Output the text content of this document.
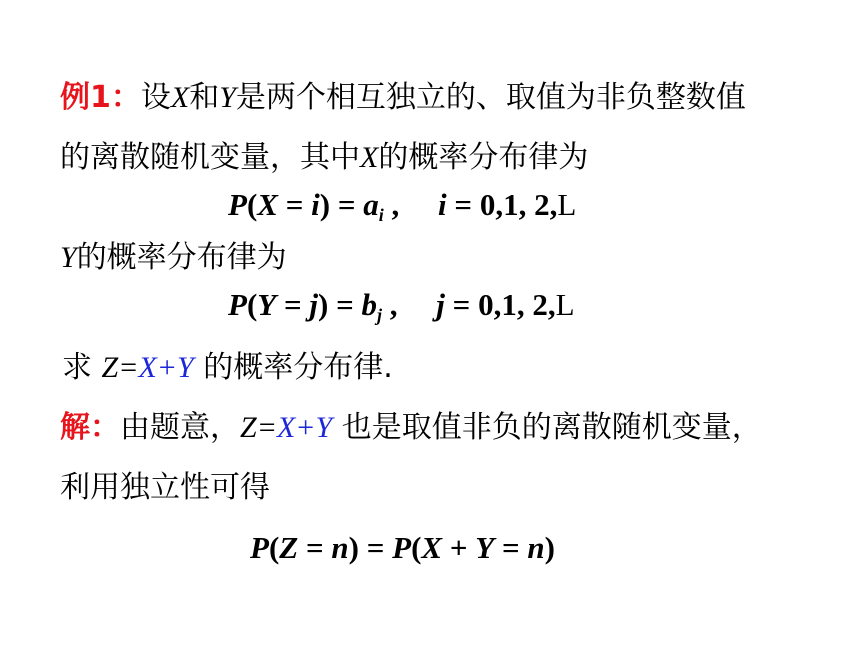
例1：设X和Y是两个相互独立的、取值为非负整数值
的离散随机变量，其中X的概率分布律为
$P(X = i) = a_i$ ,     i = 0,1, 2,L
Y的概率分布律为
$P(Y = j) = b_j$ ,     j = 0,1, 2,L
求 Z=X+Y 的概率分布律.
解：由题意，Z=X+Y 也是取值非负的离散随机变量，
利用独立性可得
P(Z = n) = P(X + Y = n)
